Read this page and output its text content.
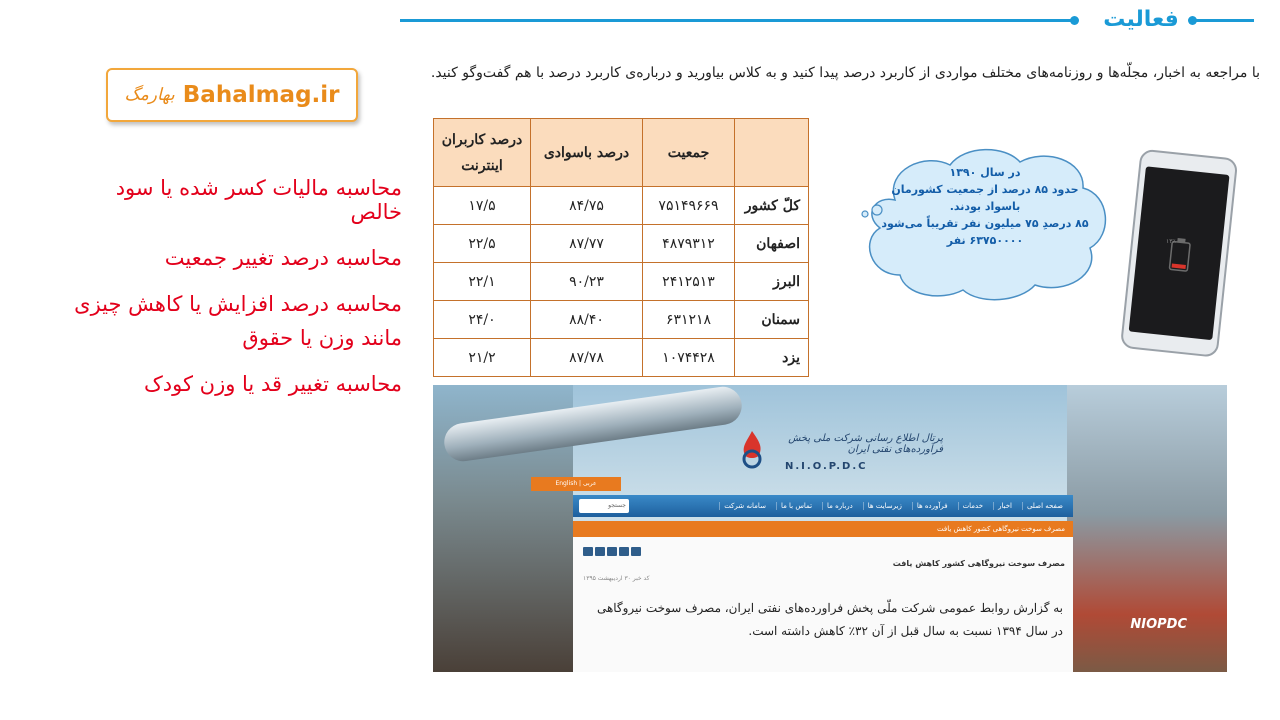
فعالیت
با مراجعه به اخبار، مجلّه‌ها و روزنامه‌های مختلف مواردی از کاربرد درصد پیدا کنید و به کلاس بیاورید و درباره‌ی کاربرد درصد با هم گفت‌وگو کنید.
بهارمگ Bahalmag.ir
محاسبه مالیات کسر شده یا سود خالص
محاسبه درصد تغییر جمعیت
محاسبه درصد افزایش یا کاهش چیزی
مانند وزن یا حقوق
محاسبه تغییر قد یا وزن کودک
	جمعیت	درصد باسوادی	درصد کاربران اینترنت
کلّ کشور	۷۵۱۴۹۶۶۹	۸۴/۷۵	۱۷/۵
اصفهان	۴۸۷۹۳۱۲	۸۷/۷۷	۲۲/۵
البرز	۲۴۱۲۵۱۳	۹۰/۲۳	۲۲/۱
سمنان	۶۳۱۲۱۸	۸۸/۴۰	۲۴/۰
یزد	۱۰۷۴۴۲۸	۸۷/۷۸	۲۱/۲
در سال ۱۳۹۰
حدود ۸۵ درصد از جمعیت کشورمان
باسواد بودند.
۸۵ درصدِ ۷۵ میلیون نفر تقریباً می‌شود
۶۳۷۵۰۰۰۰ نفر	۱۳٪
پرتال اطلاع رسانی شرکت ملی پخش فرآورده‌های نفتی ایران
N.I.O.P.D.C
English | عربی
صفحه اصلی
اخبار
خدمات
فرآورده ها
زیرسایت ها
درباره ما
تماس با ما
سامانه شرکت
جستجو
مصرف سوخت نیروگاهی کشور کاهش یافت
مصرف سوخت نیروگاهی کشور کاهش یافت
کد خبر ۳۰ اردیبهشت ۱۳۹۵
به گزارش روابط عمومی شرکت ملّی پخش فراورده‌های نفتی ایران، مصرف سوخت نیروگاهی در سال ۱۳۹۴ نسبت به سال قبل از آن ۳۲٪ کاهش داشته است.	NIOPDC
